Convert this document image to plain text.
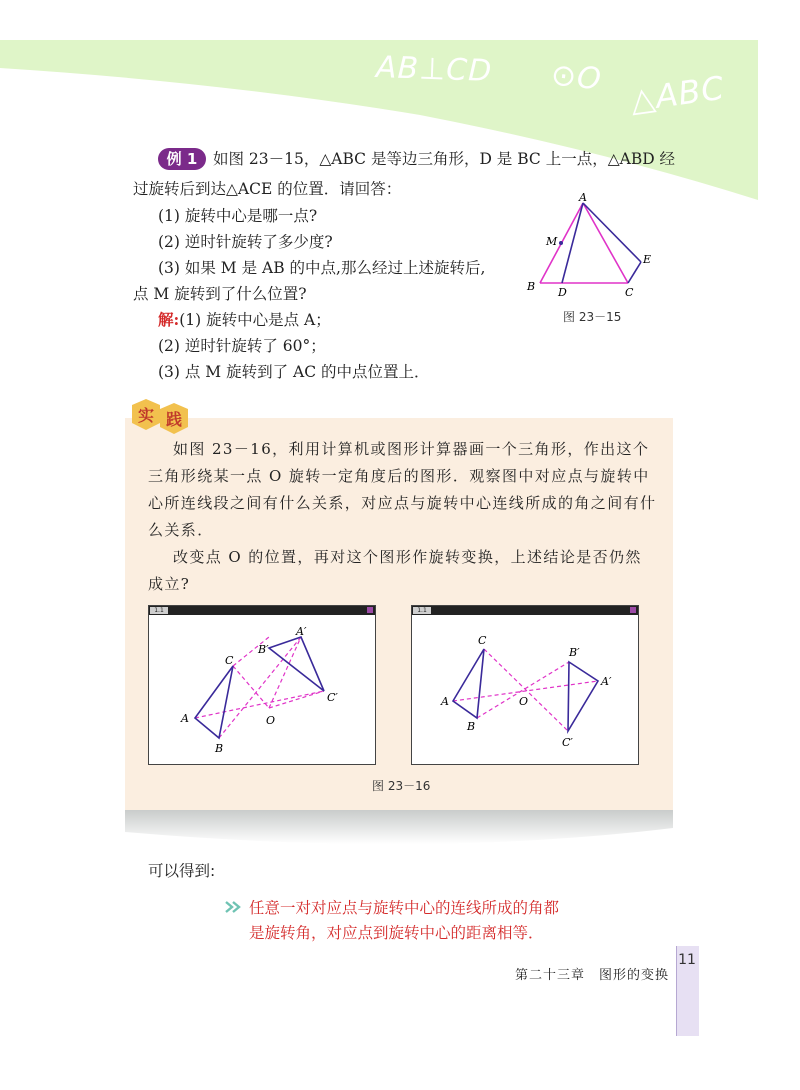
AB⊥CD ⊙O △ABC
例 1	如图 23－15，△ABC 是等边三角形，D 是 BC 上一点，△ABD 经
过旋转后到达△ACE 的位置．请回答：
(1) 旋转中心是哪一点?
(2) 逆时针旋转了多少度?
(3) 如果 M 是 AB 的中点,那么经过上述旋转后,
点 M 旋转到了什么位置?
解:(1) 旋转中心是点 A；
(2) 逆时针旋转了 60°；
(3) 点 M 旋转到了 AC 的中点位置上．
A
B D	C
E
M
图 23－15
实 践
如图 23－16，利用计算机或图形计算器画一个三角形，作出这个
三角形绕某一点 O 旋转一定角度后的图形．观察图中对应点与旋转中
心所连线段之间有什么关系，对应点与旋转中心连线所成的角之间有什
么关系．
改变点 O 的位置，再对这个图形作旋转变换，上述结论是否仍然
成立?
1.1
A
C
B
O
B′
A′
C′
1.1
A
C
B
O
B′
A′
C′
图 23－16
可以得到:
任意一对对应点与旋转中心的连线所成的角都
是旋转角，对应点到旋转中心的距离相等．
第二十三章　图形的变换
11
